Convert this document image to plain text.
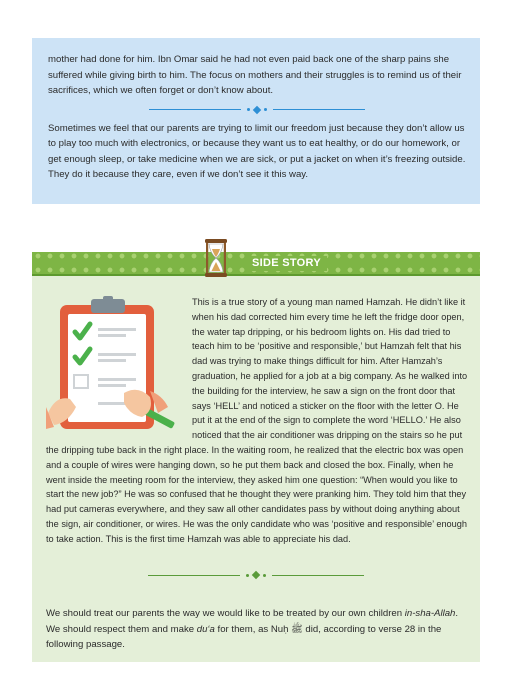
mother had done for him. Ibn Omar said he had not even paid back one of the sharp pains she suffered while giving birth to him. The focus on mothers and their struggles is to remind us of their sacrifices, which we often forget or don’t know about.

Sometimes we feel that our parents are trying to limit our freedom just because they don’t allow us to play too much with electronics, or because they want us to eat healthy, or do our homework, or get enough sleep, or take medicine when we are sick, or put a jacket on when it’s freezing outside. They do it because they care, even if we don’t see it this way.

SIDE STORY
This is a true story of a young man named Hamzah. He didn’t like it when his dad corrected him every time he left the fridge door open, the water tap dripping, or his bedroom lights on. His dad tried to teach him to be ‘positive and responsible,’ but Hamzah felt that his dad was trying to make things difficult for him. After Hamzah’s graduation, he applied for a job at a big company. As he walked into the building for the interview, he saw a sign on the front door that says ‘HELL’ and noticed a sticker on the floor with the letter O. He put it at the end of the sign to complete the word ‘HELLO.’ He also noticed that the air conditioner was dripping on the stairs so he put the dripping tube back in the right place. In the waiting room, he realized that the electric box was open and a couple of wires were hanging down, so he put them back and closed the box. Finally, when he went inside the meeting room for the interview, they asked him one question: “When would you like to start the new job?” He was so confused that he thought they were pranking him. They told him that they had put cameras everywhere, and they saw all other candidates pass by without doing anything about the sign, air conditioner, or wires. He was the only candidate who was ‘positive and responsible’ enough to take action. This is the first time Hamzah was able to appreciate his dad.

We should treat our parents the way we would like to be treated by our own children in-sha-Allah. We should respect them and make du‘a for them, as Nuḥ ﷺ did, according to verse 28 in the following passage.
